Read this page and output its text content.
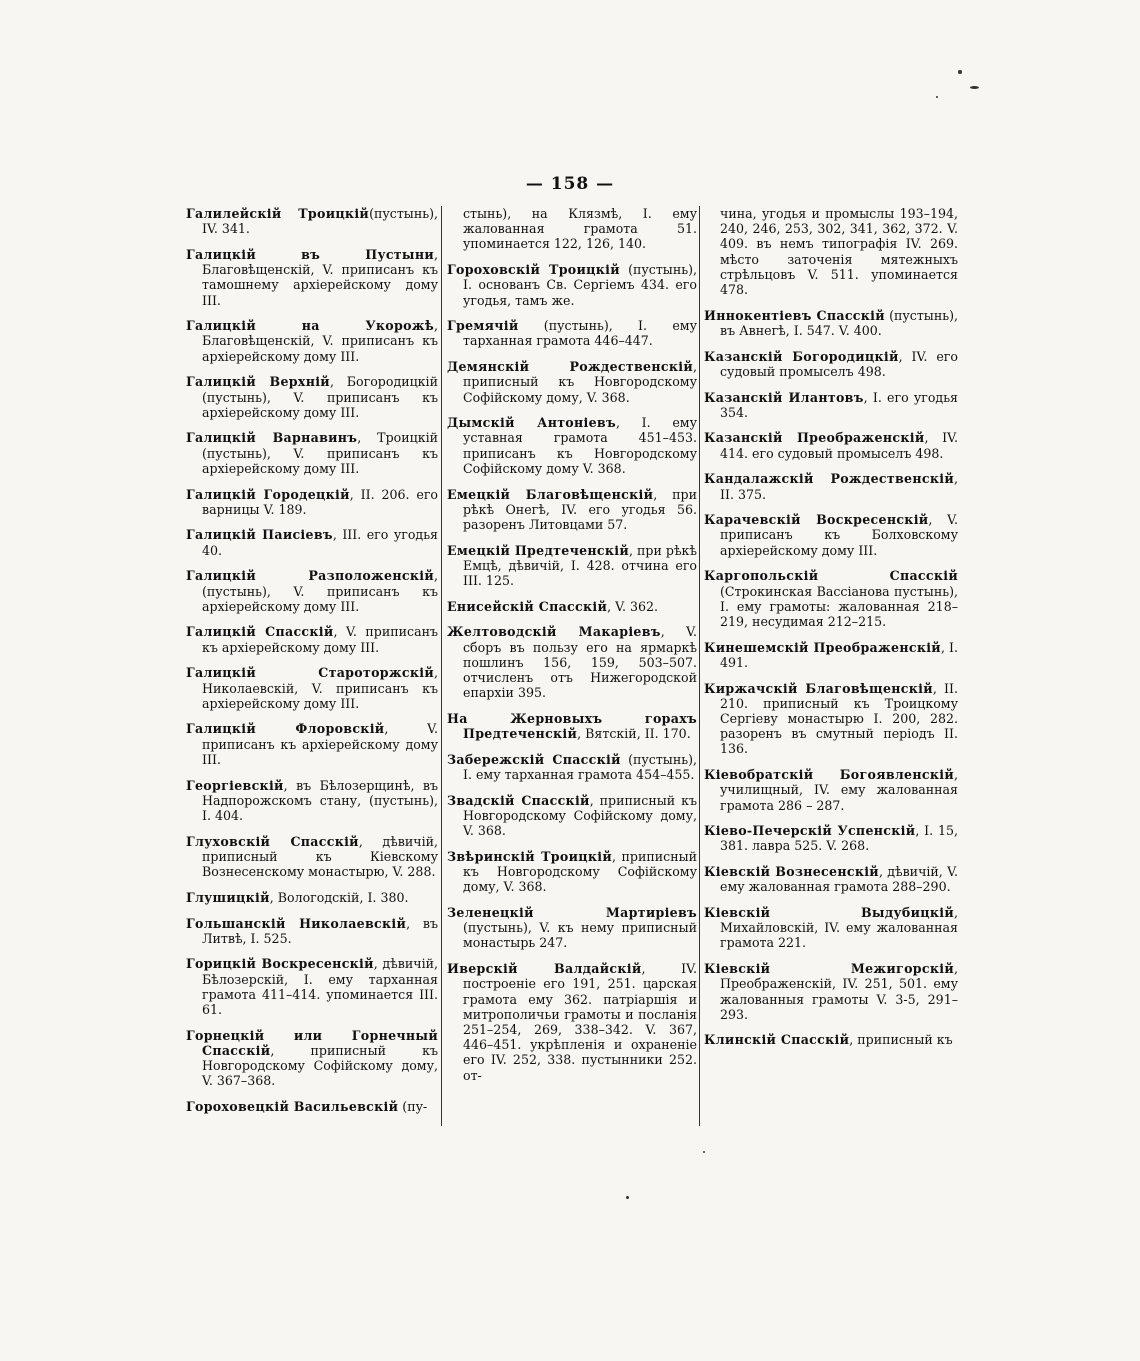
— 158 —
Галилейскій Троицкій(пустынь), IV. 341.
Галицкій въ Пустыни, Благовѣщенскій, V. приписанъ къ тамошнему архіерейскому дому III.
Галицкій на Укорожѣ, Благовѣщенскій, V. приписанъ къ архіерейскому дому III.
Галицкій Верхній, Богородицкій (пустынь), V. приписанъ къ архіерейскому дому III.
Галицкій Варнавинъ, Троицкій (пустынь), V. приписанъ къ архіерейскому дому III.
Галицкій Городецкій, II. 206. его варницы V. 189.
Галицкій Паисіевъ, III. его угодья 40.
Галицкій Разположенскій, (пустынь), V. приписанъ къ архіерейскому дому III.
Галицкій Спасскій, V. приписанъ къ архіерейскому дому III.
Галицкій Староторжскій, Николаевскій, V. приписанъ къ архіерейскому дому III.
Галицкій Флоровскій, V. приписанъ къ архіерейскому дому III.
Георгіевскій, въ Бѣлозерщинѣ, въ Надпорожскомъ стану, (пустынь), I. 404.
Глуховскій Спасскій, дѣвичій, приписный къ Кіевскому Вознесенскому монастырю, V. 288.
Глушицкій, Вологодскій, I. 380.
Гольшанскій Николаевскій, въ Литвѣ, I. 525.
Горицкій Воскресенскій, дѣвичій, Бѣлозерскій, I. ему тарханная грамота 411–414. упоминается III. 61.
Горнецкій или Горнечный Спасскій, приписный къ Новгородскому Софійскому дому, V. 367–368.
Гороховецкій Васильевскій (пу-
стынь), на Клязмѣ, I. ему жалованная грамота 51. упоминается 122, 126, 140.
Гороховскій Троицкій (пустынь), I. основанъ Св. Сергіемъ 434. его угодья, тамъ же.
Гремячій (пустынь), I. ему тарханная грамота 446–447.
Демянскій Рождественскій, приписный къ Новгородскому Софійскому дому, V. 368.
Дымскій Антоніевъ, I. ему уставная грамота 451–453. приписанъ къ Новгородскому Софійскому дому V. 368.
Емецкій Благовѣщенскій, при рѣкѣ Онегѣ, IV. его угодья 56. разоренъ Литовцами 57.
Емецкій Предтеченскій, при рѣкѣ Емцѣ, дѣвичій, I. 428. отчина его III. 125.
Енисейскій Спасскій, V. 362.
Желтоводскій Макаріевъ, V. сборъ въ пользу его на ярмаркѣ пошлинъ 156, 159, 503–507. отчисленъ отъ Нижегородской епархіи 395.
На Жерновыхъ горахъ Предтеченскій, Вятскій, II. 170.
Забережскій Спасскій (пустынь), I. ему тарханная грамота 454–455.
Звадскій Спасскій, приписный къ Новгородскому Софійскому дому, V. 368.
Звѣринскій Троицкій, приписный къ Новгородскому Софійскому дому, V. 368.
Зеленецкій Мартиріевъ (пустынь), V. къ нему приписный монастырь 247.
Иверскій Валдайскій, IV. построеніе его 191, 251. царская грамота ему 362. патріаршія и митрополичьи грамоты и посланія 251–254, 269, 338–342. V. 367, 446–451. укрѣпленія и охраненіе его IV. 252, 338. пустынники 252. от-
чина, угодья и промыслы 193–194, 240, 246, 253, 302, 341, 362, 372. V. 409. въ немъ типографія IV. 269. мѣсто заточенія мятежныхъ стрѣльцовъ V. 511. упоминается 478.
Иннокентіевъ Спасскій (пустынь), въ Авнегѣ, I. 547. V. 400.
Казанскій Богородицкій, IV. его судовый промыселъ 498.
Казанскій Илантовъ, I. его угодья 354.
Казанскій Преображенскій, IV. 414. его судовый промыселъ 498.
Кандалажскій Рождественскій, II. 375.
Карачевскій Воскресенскій, V. приписанъ къ Болховскому архіерейскому дому III.
Каргопольскій Спасскій (Строкинская Вассіанова пустынь), I. ему грамоты: жалованная 218–219, несудимая 212–215.
Кинешемскій Преображенскій, I. 491.
Киржачскій Благовѣщенскій, II. 210. приписный къ Троицкому Сергіеву монастырю I. 200, 282. разоренъ въ смутный періодъ II. 136.
Кіевобратскій Богоявленскій, училищный, IV. ему жалованная грамота 286 – 287.
Кіево-Печерскій Успенскій, I. 15, 381. лавра 525. V. 268.
Кіевскій Вознесенскій, дѣвичій, V. ему жалованная грамота 288–290.
Кіевскій Выдубицкій, Михайловскій, IV. ему жалованная грамота 221.
Кіевскій Межигорскій, Преображенскій, IV. 251, 501. ему жалованныя грамоты V. 3-5, 291–293.
Клинскій Спасскій, приписный къ
